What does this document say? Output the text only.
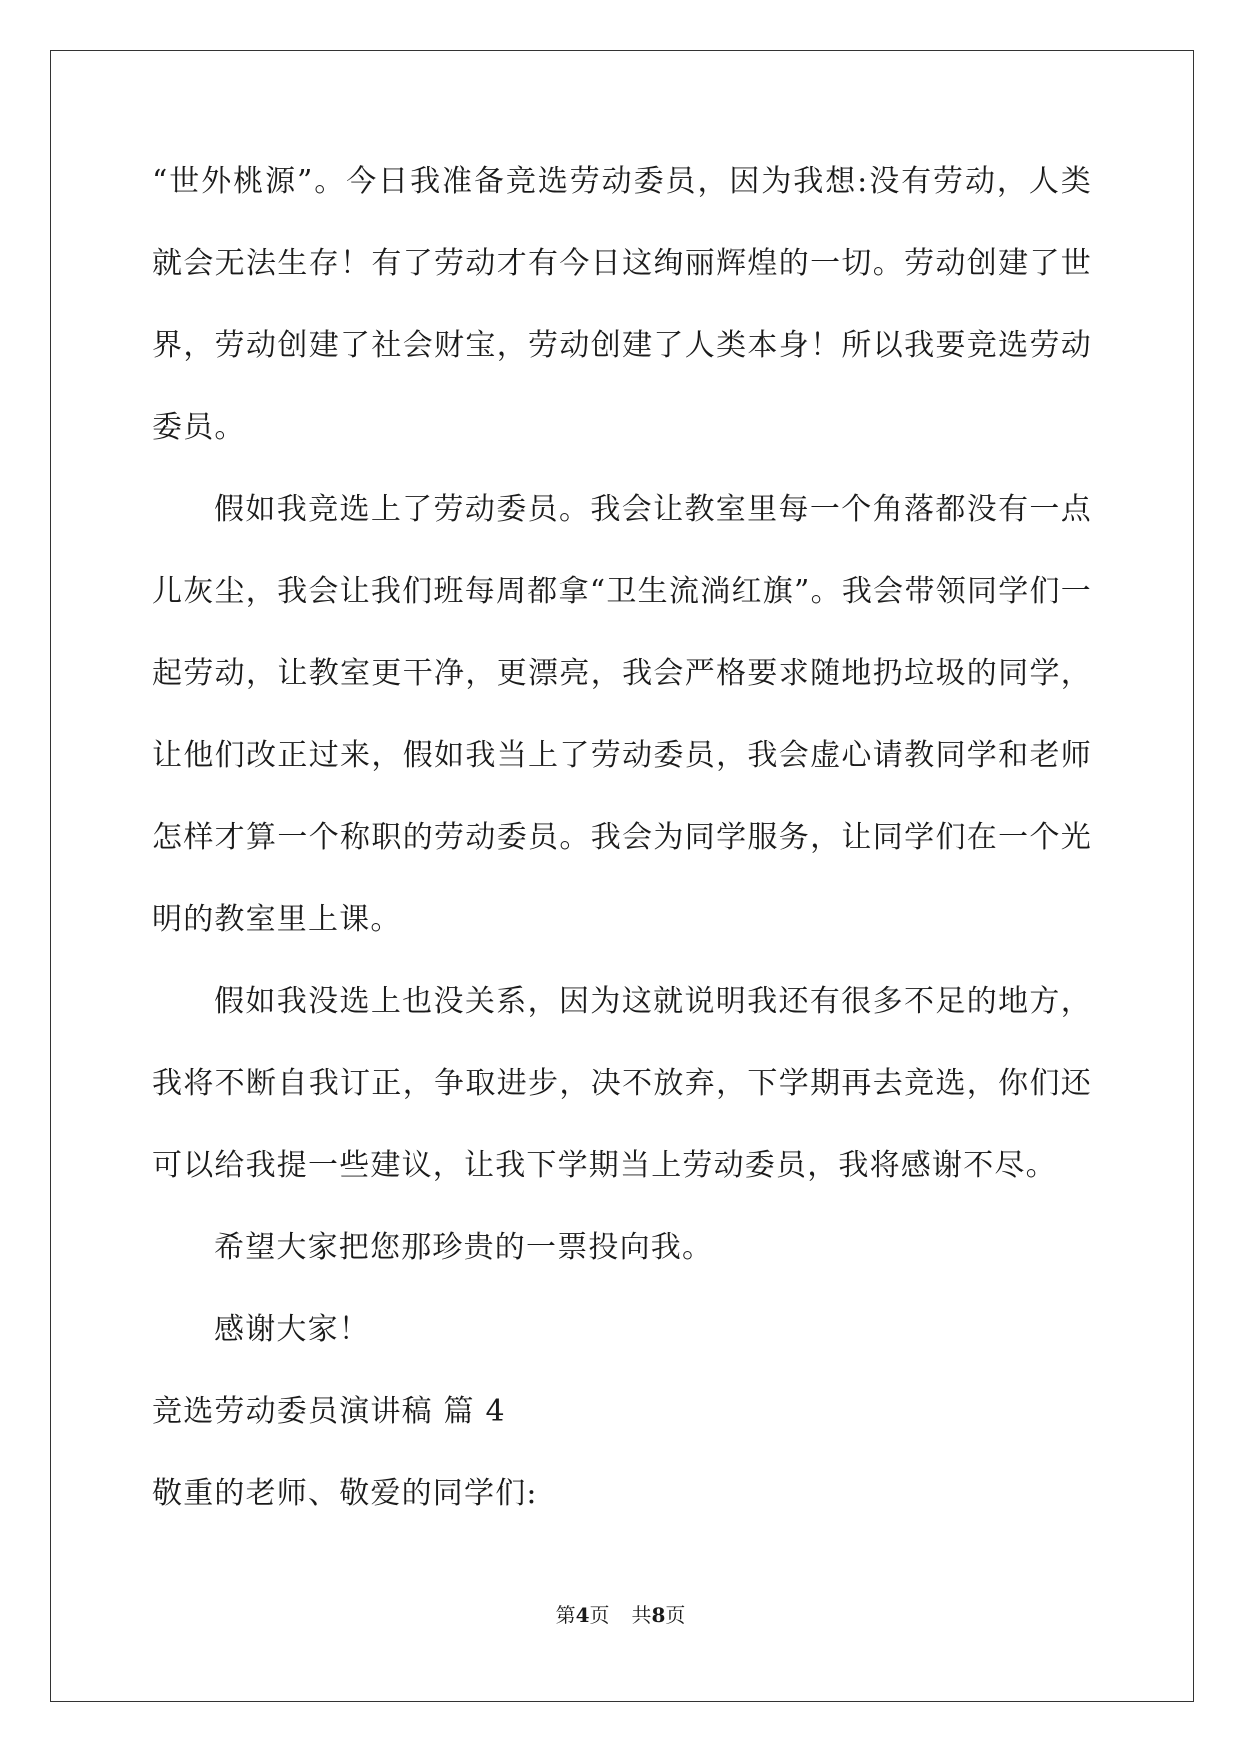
“世外桃源”。今日我准备竞选劳动委员，因为我想:没有劳动，人类
就会无法生存！有了劳动才有今日这绚丽辉煌的一切。劳动创建了世
界，劳动创建了社会财宝，劳动创建了人类本身！所以我要竞选劳动
委员。
假如我竞选上了劳动委员。我会让教室里每一个角落都没有一点
儿灰尘，我会让我们班每周都拿“卫生流淌红旗”。我会带领同学们一
起劳动，让教室更干净，更漂亮，我会严格要求随地扔垃圾的同学，
让他们改正过来，假如我当上了劳动委员，我会虚心请教同学和老师
怎样才算一个称职的劳动委员。我会为同学服务，让同学们在一个光
明的教室里上课。
假如我没选上也没关系，因为这就说明我还有很多不足的地方，
我将不断自我订正，争取进步，决不放弃，下学期再去竞选，你们还
可以给我提一些建议，让我下学期当上劳动委员，我将感谢不尽。
希望大家把您那珍贵的一票投向我。
感谢大家！
竞选劳动委员演讲稿 篇 4
敬重的老师、敬爱的同学们:
第4页 共8页
